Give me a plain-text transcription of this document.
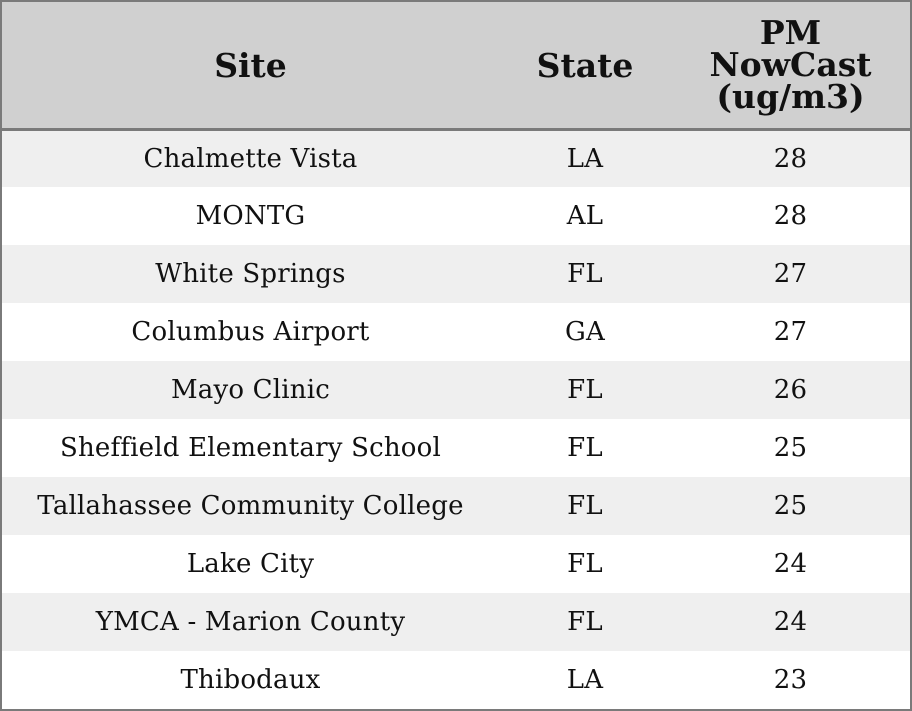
Site	State	PM
NowCast
(ug/m3)

Chalmette Vista	LA	28
MONTG	AL	28
White Springs	FL	27
Columbus Airport	GA	27
Mayo Clinic	FL	26
Sheffield Elementary School	FL	25
Tallahassee Community College	FL	25
Lake City	FL	24
YMCA - Marion County	FL	24
Thibodaux	LA	23
